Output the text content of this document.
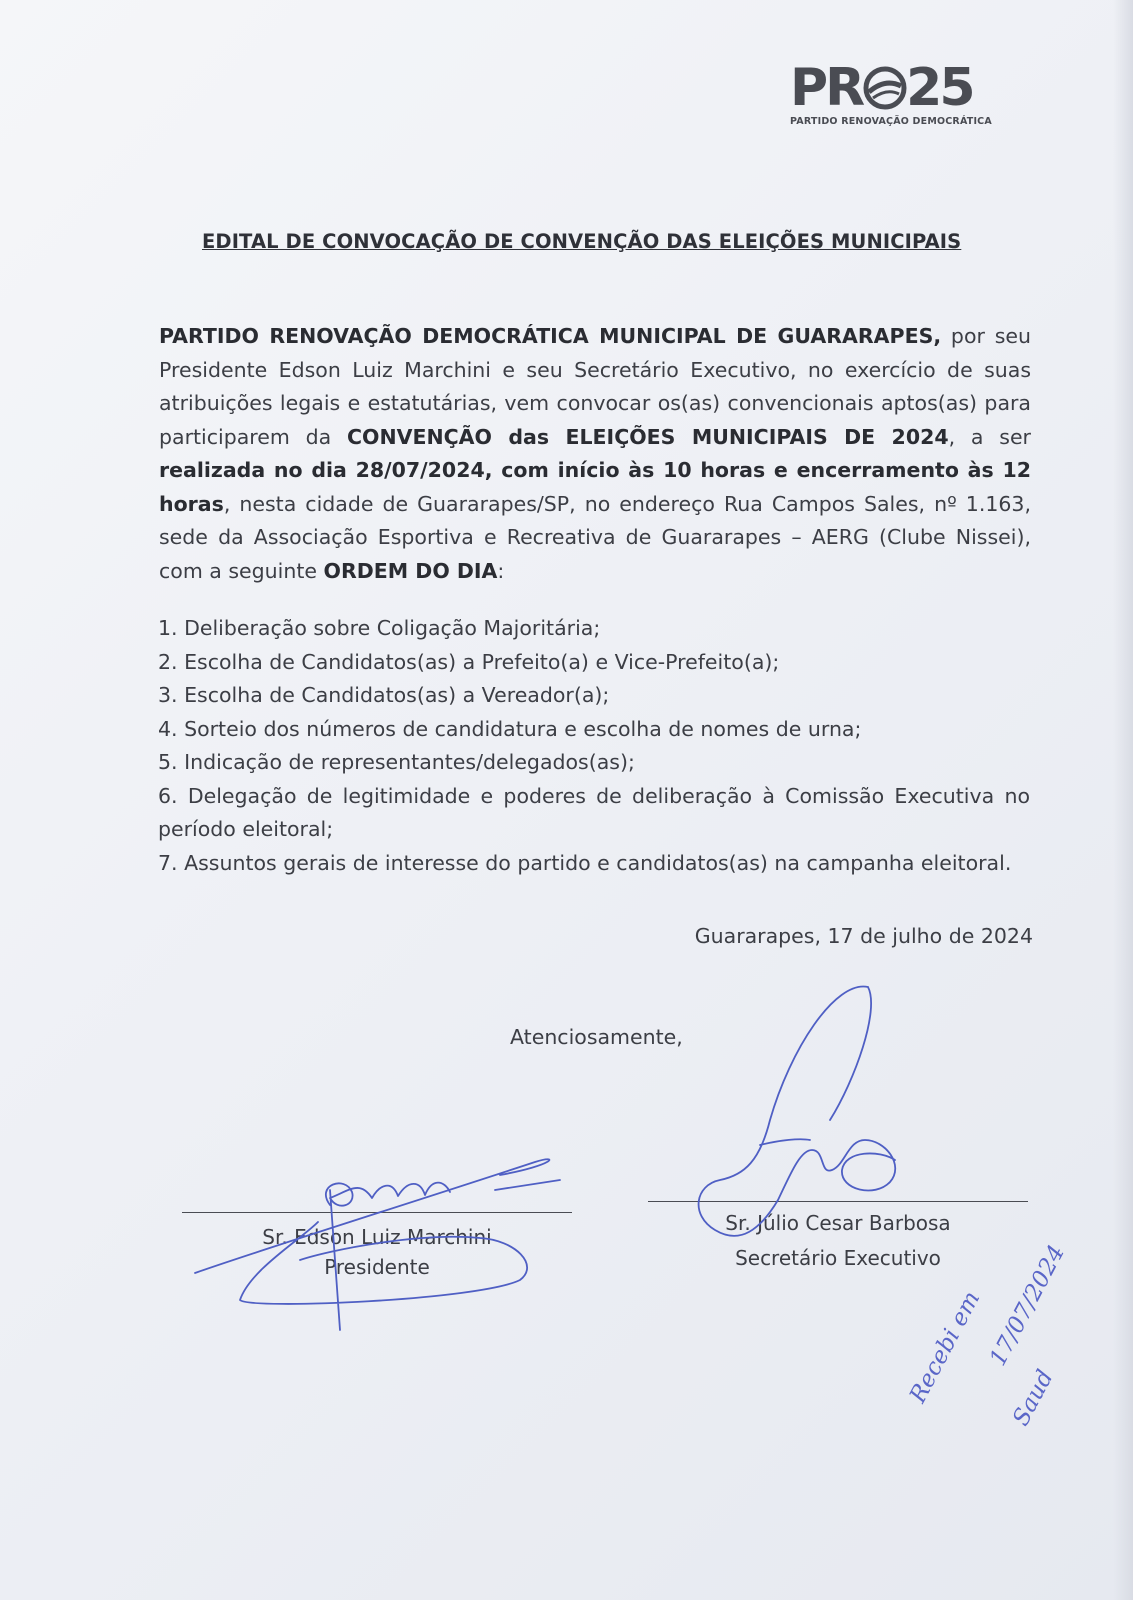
PR 25
PARTIDO RENOVAÇÃO DEMOCRÁTICA
EDITAL DE CONVOCAÇÃO DE CONVENÇÃO DAS ELEIÇÕES MUNICIPAIS
PARTIDO RENOVAÇÃO DEMOCRÁTICA MUNICIPAL DE GUARARAPES, por seu Presidente Edson Luiz Marchini e seu Secretário Executivo, no exercício de suas atribuições legais e estatutárias, vem convocar os(as) convencionais aptos(as) para participarem da CONVENÇÃO das ELEIÇÕES MUNICIPAIS DE 2024, a ser realizada no dia 28/07/2024, com início às 10 horas e encerramento às 12 horas, nesta cidade de Guararapes/SP, no endereço Rua Campos Sales, nº 1.163, sede da Associação Esportiva e Recreativa de Guararapes – AERG (Clube Nissei), com a seguinte ORDEM DO DIA:
1. Deliberação sobre Coligação Majoritária;
2. Escolha de Candidatos(as) a Prefeito(a) e Vice-Prefeito(a);
3. Escolha de Candidatos(as) a Vereador(a);
4. Sorteio dos números de candidatura e escolha de nomes de urna;
5. Indicação de representantes/delegados(as);
6. Delegação de legitimidade e poderes de deliberação à Comissão Executiva no período eleitoral;
7. Assuntos gerais de interesse do partido e candidatos(as) na campanha eleitoral.
Guararapes, 17 de julho de 2024
Atenciosamente,
Sr. Edson Luiz Marchini
Presidente
Sr. Júlio Cesar Barbosa
Secretário Executivo
Recebi em 17/07/2024
Saud
